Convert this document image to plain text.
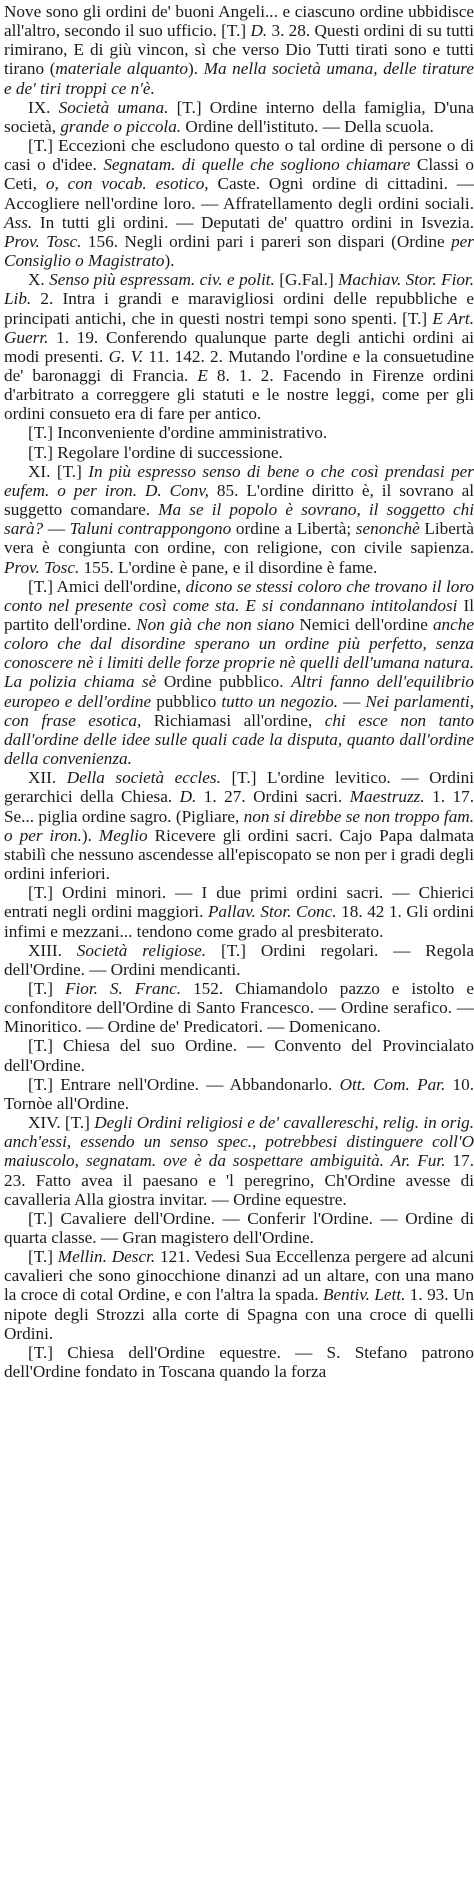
Nove sono gli ordini de' buoni Angeli... e ciascuno ordine ubbidisce all'altro, secondo il suo ufficio. [T.] D. 3. 28. Questi ordini di su tutti rimirano, E di giù vincon, sì che verso Dio Tutti tirati sono e tutti tirano (materiale alquanto). Ma nella società umana, delle tirature e de' tiri troppi ce n'è.

IX. Società umana. [T.] Ordine interno della famiglia, D'una società, grande o piccola. Ordine dell'istituto. — Della scuola.

[T.] Eccezioni che escludono questo o tal ordine di persone o di casi o d'idee. Segnatam. di quelle che sogliono chiamare Classi o Ceti, o, con vocab. esotico, Caste. Ogni ordine di cittadini. — Accogliere nell'ordine loro. — Affratellamento degli ordini sociali. Ass. In tutti gli ordini. — Deputati de' quattro ordini in Isvezia. Prov. Tosc. 156. Negli ordini pari i pareri son dispari (Ordine per Consiglio o Magistrato).

X. Senso più espressam. civ. e polit. [G.Fal.] Machiav. Stor. Fior. Lib. 2. Intra i grandi e maravigliosi ordini delle repubbliche e principati antichi, che in questi nostri tempi sono spenti. [T.] E Art. Guerr. 1. 19. Conferendo qualunque parte degli antichi ordini ai modi presenti. G. V. 11. 142. 2. Mutando l'ordine e la consuetudine de' baronaggi di Francia. E 8. 1. 2. Facendo in Firenze ordini d'arbitrato a correggere gli statuti e le nostre leggi, come per gli ordini consueto era di fare per antico.

[T.] Inconveniente d'ordine amministrativo.

[T.] Regolare l'ordine di successione.

XI. [T.] In più espresso senso di bene o che così prendasi per eufem. o per iron. D. Conv, 85. L'ordine diritto è, il sovrano al suggetto comandare. Ma se il popolo è sovrano, il soggetto chi sarà? — Taluni contrappongono ordine a Libertà; senonchè Libertà vera è congiunta con ordine, con religione, con civile sapienza. Prov. Tosc. 155. L'ordine è pane, e il disordine è fame.

[T.] Amici dell'ordine, dicono se stessi coloro che trovano il loro conto nel presente così come sta. E si condannano intitolandosi Il partito dell'ordine. Non già che non siano Nemici dell'ordine anche coloro che dal disordine sperano un ordine più perfetto, senza conoscere nè i limiti delle forze proprie nè quelli dell'umana natura. La polizia chiama sè Ordine pubblico. Altri fanno dell'equilibrio europeo e dell'ordine pubblico tutto un negozio. — Nei parlamenti, con frase esotica, Richiamasi all'ordine, chi esce non tanto dall'ordine delle idee sulle quali cade la disputa, quanto dall'ordine della convenienza.

XII. Della società eccles. [T.] L'ordine levitico. — Ordini gerarchici della Chiesa. D. 1. 27. Ordini sacri. Maestruzz. 1. 17. Se... piglia ordine sagro. (Pigliare, non si direbbe se non troppo fam. o per iron.). Meglio Ricevere gli ordini sacri. Cajo Papa dalmata stabilì che nessuno ascendesse all'episcopato se non per i gradi degli ordini inferiori.

[T.] Ordini minori. — I due primi ordini sacri. — Chierici entrati negli ordini maggiori. Pallav. Stor. Conc. 18. 42 1. Gli ordini infimi e mezzani... tendono come grado al presbiterato.

XIII. Società religiose. [T.] Ordini regolari. — Regola dell'Ordine. — Ordini mendicanti.

[T.] Fior. S. Franc. 152. Chiamandolo pazzo e istolto e confonditore dell'Ordine di Santo Francesco. — Ordine serafico. — Minoritico. — Ordine de' Predicatori. — Domenicano.

[T.] Chiesa del suo Ordine. — Convento del Provincialato dell'Ordine.

[T.] Entrare nell'Ordine. — Abbandonarlo. Ott. Com. Par. 10. Tornòe all'Ordine.

XIV. [T.] Degli Ordini religiosi e de' cavallereschi, relig. in orig. anch'essi, essendo un senso spec., potrebbesi distinguere coll'O maiuscolo, segnatam. ove è da sospettare ambiguità. Ar. Fur. 17. 23. Fatto avea il paesano e 'l peregrino, Ch'Ordine avesse di cavalleria Alla giostra invitar. — Ordine equestre.

[T.] Cavaliere dell'Ordine. — Conferir l'Ordine. — Ordine di quarta classe. — Gran magistero dell'Ordine.

[T.] Mellin. Descr. 121. Vedesi Sua Eccellenza pergere ad alcuni cavalieri che sono ginocchione dinanzi ad un altare, con una mano la croce di cotal Ordine, e con l'altra la spada. Bentiv. Lett. 1. 93. Un nipote degli Strozzi alla corte di Spagna con una croce di quelli Ordini.

[T.] Chiesa dell'Ordine equestre. — S. Stefano patrono dell'Ordine fondato in Toscana quando la forza
